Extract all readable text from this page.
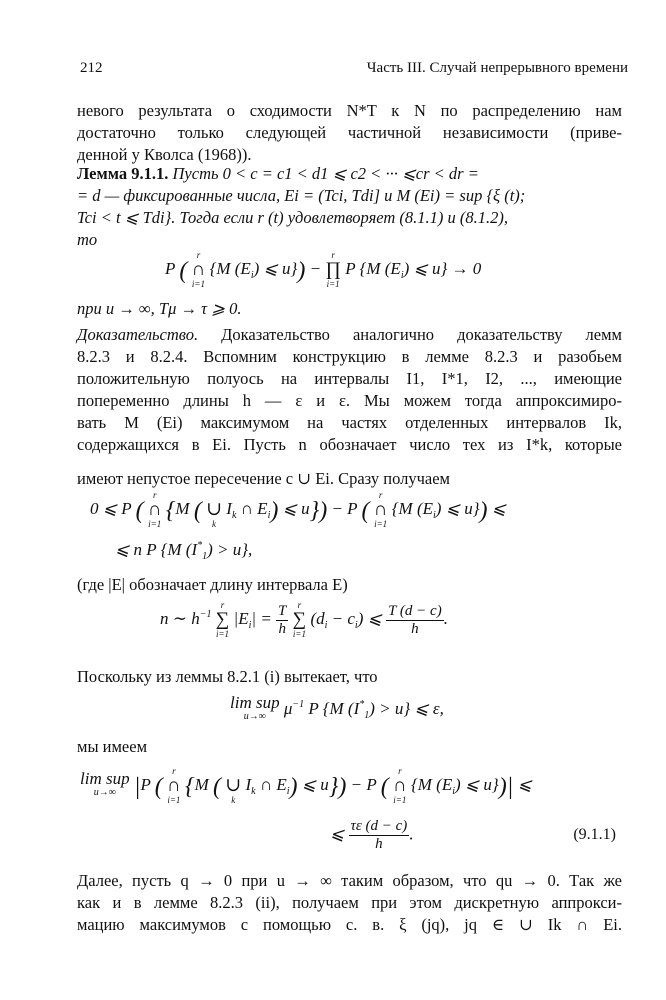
212	Часть III. Случай непрерывного времени
невого результата о сходимости N*T к N по распределению нам
достаточно только следующей частичной независимости (приве-
денной у Кволса (1968)).
Лемма 9.1.1. Пусть 0 < c = c1 < d1 ⩽ c2 < ··· ⩽cr < dr =
= d — фиксированные числа, Ei = (Tci, Tdi] и M (Ei) = sup {ξ (t);
Tci < t ⩽ Tdi}. Тогда если r (t) удовлетворяет (8.1.1) и (8.1.2),
то
P (
r
∩
i=1
{M $(E_i)$ ⩽ u}) −
r
∏
i=1
P {M $(E_i)$ ⩽ u} → 0
при u → ∞, Tμ → τ ⩾ 0.
Доказательство. Доказательство аналогично доказательству лемм
8.2.3 и 8.2.4. Вспомним конструкцию в лемме 8.2.3 и разобьем
положительную полуось на интервалы I1, I*1, I2, ..., имеющие
попеременно длины h — ε и ε. Мы можем тогда аппроксимиро-
вать M (Ei) максимумом на частях отделенных интервалов Ik,
содержащихся в Ei. Пусть n обозначает число тех из I*k, которые
имеют непустое пересечение с ∪ Ei. Сразу получаем
0 ⩽ P (
r
∩
i=1
{M (
∪
k
$I_k$ ∩ $E_i$) ⩽ u}) − P (
r
∩
i=1
{M $(E_i)$ ⩽ u}) ⩽
⩽ n P {M $(I^*_1) > u$},
(где |E| обозначает длину интервала E)
n ∼ $h^{-1}$
r
∑
i=1
$|E_i| = \frac{T}{h}$
	r
∑
i=1
$(d_i - c_i)$ ⩽ $\frac{T (d - c)}{h}$ .
Поскольку из леммы 8.2.1 (i) вытекает, что
lim sup
u→∞ $\mu^{-1}$ P {M $(I^*_1) > u$} ⩽ ε,
мы имеем
lim sup
u→∞ |P (
r
∩
i=1
{M (
∪
k
$I_k$ ∩ $E_i$) ⩽ u}) − P (
r
∩
i=1
{M $(E_i)$ ⩽ u})| ⩽
⩽ $\frac{\tau\varepsilon (d - c)}{h}$ .	(9.1.1)
Далее, пусть q → 0 при u → ∞ таким образом, что qu → 0. Так же
как и в лемме 8.2.3 (ii), получаем при этом дискретную аппрокси-
мацию максимумов с помощью с. в. ξ (jq), jq ∈ ∪ Ik ∩ Ei.
